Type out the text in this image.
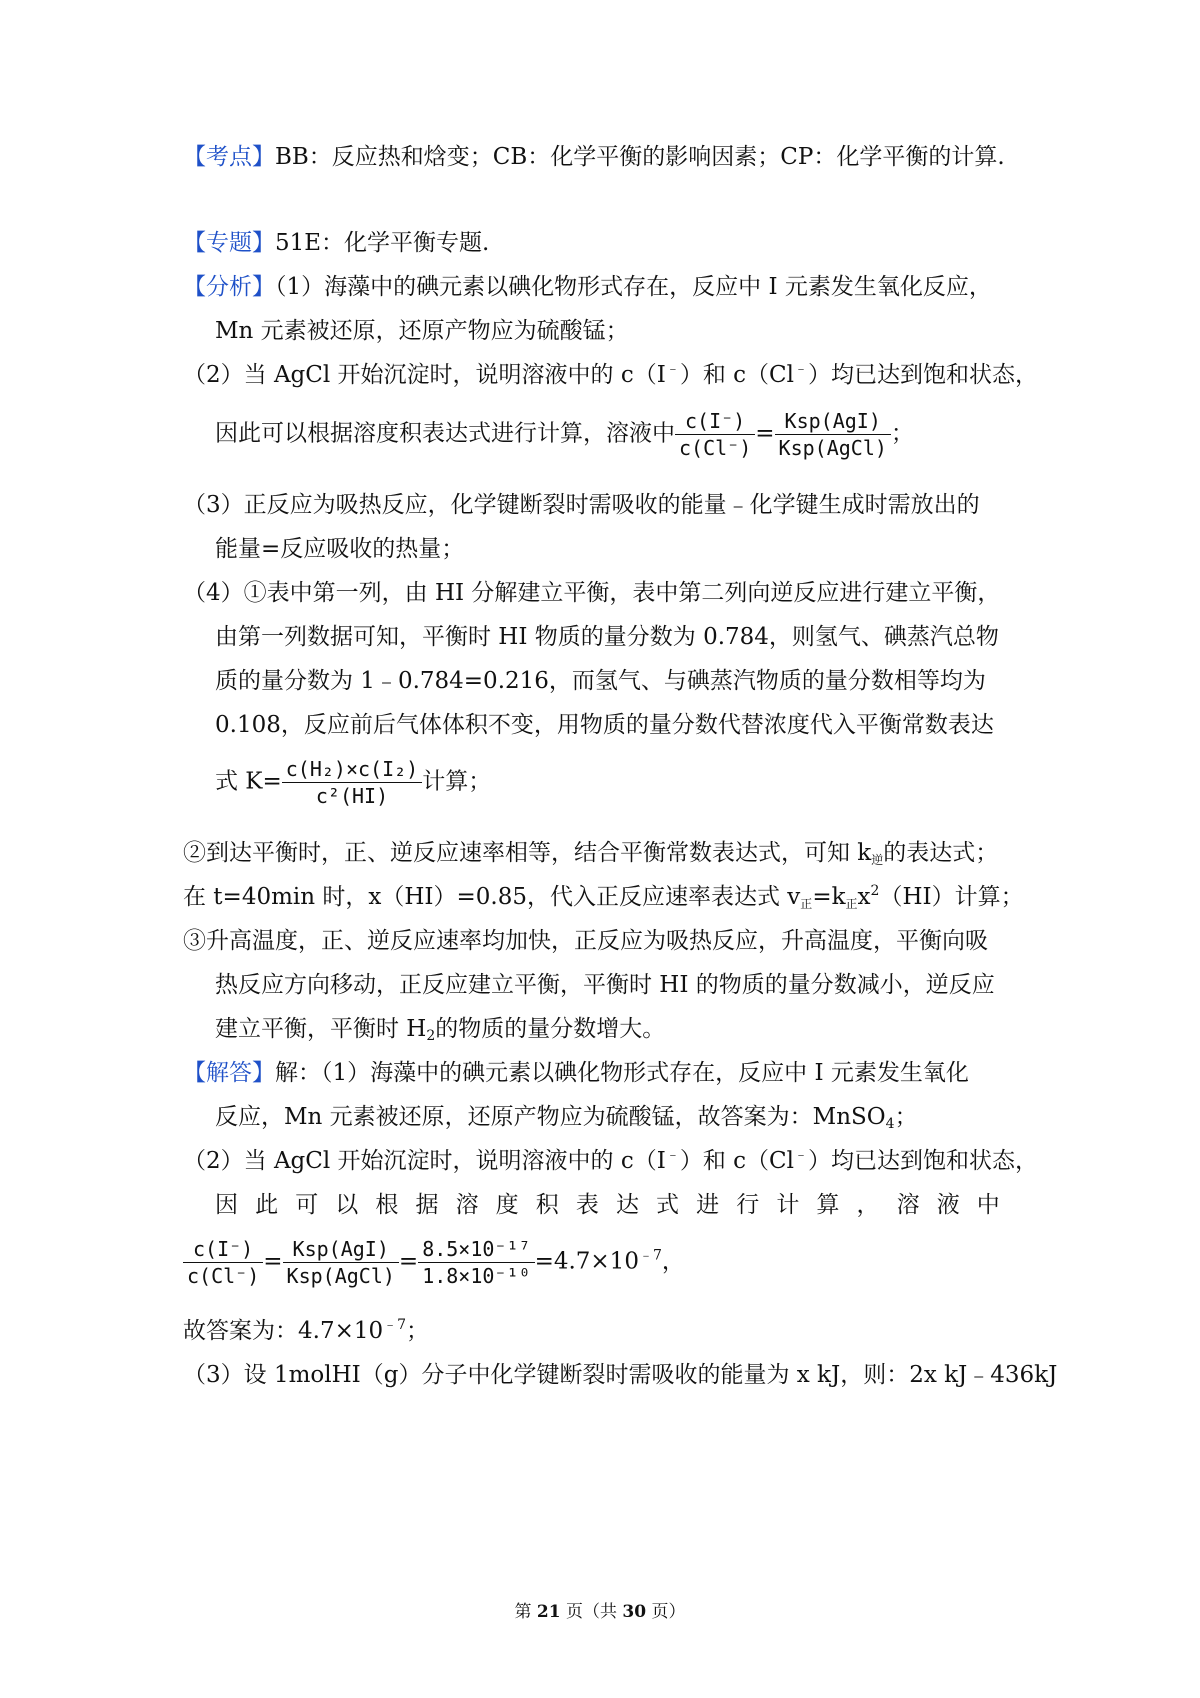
【考点】BB：反应热和焓变；CB：化学平衡的影响因素；CP：化学平衡的计算.
【专题】51E：化学平衡专题.
【分析】（1）海藻中的碘元素以碘化物形式存在，反应中 I 元素发生氧化反应，
Mn 元素被还原，还原产物应为硫酸锰；
（2）当 AgCl 开始沉淀时，说明溶液中的 c（I﹣）和 c（Cl﹣）均已达到饱和状态，
因此可以根据溶度积表达式进行计算，溶液中 $\frac{c(I^-)}{c(Cl^-)} = \frac{\text{Ksp(AgI)}}{\text{Ksp(AgCl)}}$ ；
（3）正反应为吸热反应，化学键断裂时需吸收的能量﹣化学键生成时需放出的
能量=反应吸收的热量；
（4）①表中第一列，由 HI 分解建立平衡，表中第二列向逆反应进行建立平衡，
由第一列数据可知，平衡时 HI 物质的量分数为 0.784，则氢气、碘蒸汽总物
质的量分数为 1﹣0.784=0.216，而氢气、与碘蒸汽物质的量分数相等均为
0.108，反应前后气体体积不变，用物质的量分数代替浓度代入平衡常数表达
式 $K= \frac{\text{c(H₂)×c(I₂)}}{\text{c²(HI)}}$ 计算；
②到达平衡时，正、逆反应速率相等，结合平衡常数表达式，可知 $k_逆$的表达式；
在 t=40min 时，x（HI）=0.85，代入正反应速率表达式 $v_正=k_正x^2(HI)$计算；
③升高温度，正、逆反应速率均加快，正反应为吸热反应，升高温度，平衡向吸
热反应方向移动，正反应建立平衡，平衡时 HI 的物质的量分数减小，逆反应
建立平衡，平衡时 $H_2$的物质的量分数增大。
【解答】解：（1）海藻中的碘元素以碘化物形式存在，反应中 I 元素发生氧化
反应，Mn 元素被还原，还原产物应为硫酸锰，故答案为：MnSO$_4$；
（2）当 AgCl 开始沉淀时，说明溶液中的 c（I﹣）和 c（Cl﹣）均已达到饱和状态，
因 此 可 以 根 据 溶 度 积 表 达 式 进 行 计 算 ， 溶 液 中
$\frac{c(I^-)}{c(Cl^-)} = \frac{\text{Ksp(AgI)}}{\text{Ksp(AgCl)}} = \frac{\text{8.5×10⁻¹⁷}}{\text{1.8×10⁻¹⁰}} =4.7\times 10^{﹣7}$，
故答案为：$4.7\times 10^{﹣7}$；
（3）设 1molHI（g）分子中化学键断裂时需吸收的能量为 x kJ，则：2x kJ﹣436kJ
第 21 页（共 30 页）
